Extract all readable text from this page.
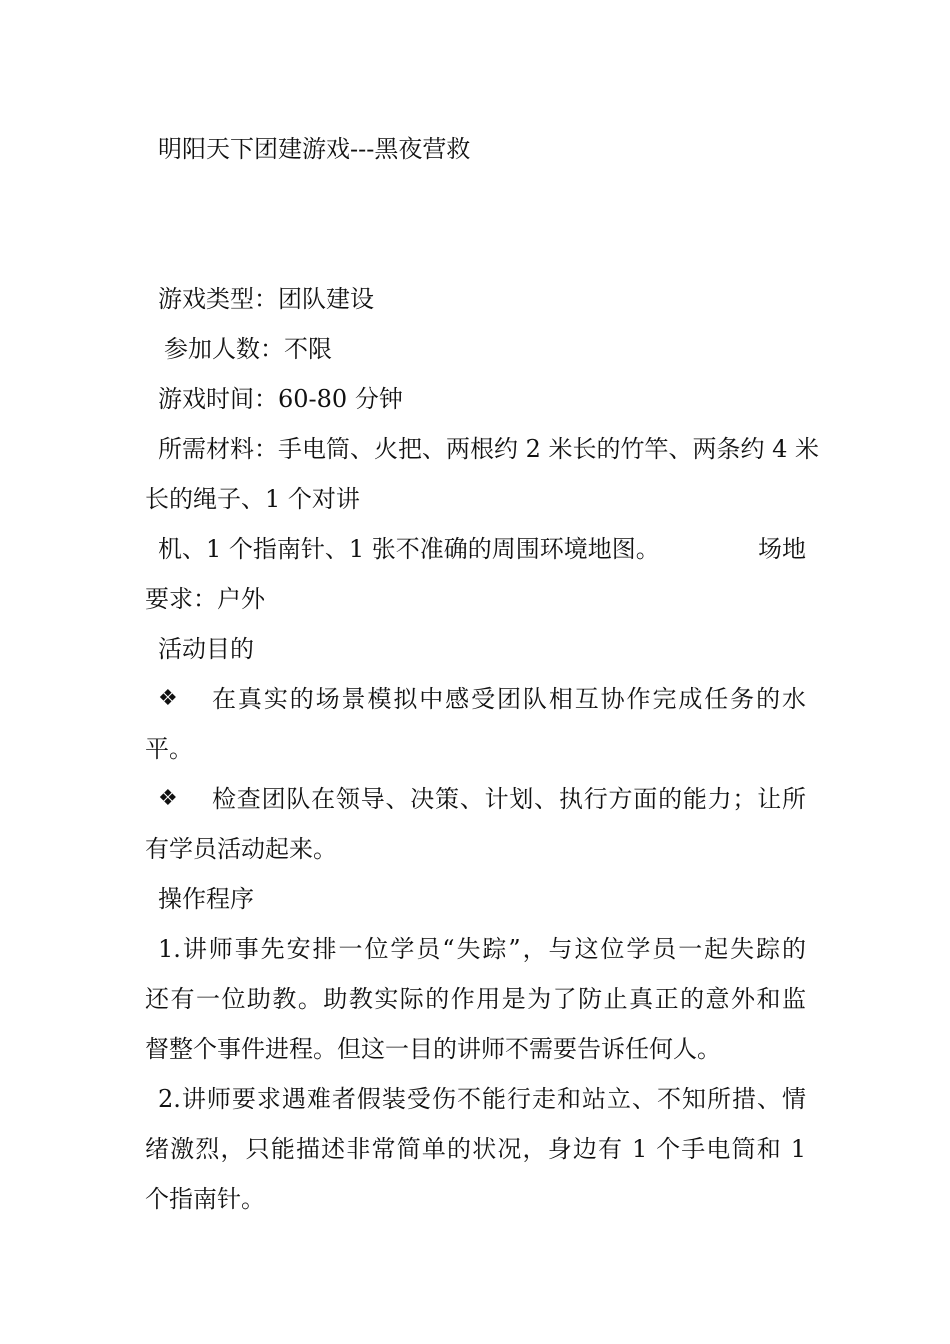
明阳天下团建游戏---黑夜营救
游戏类型：团队建设
参加人数：不限
游戏时间：60-80 分钟
所需材料：手电筒、火把、两根约 2 米长的竹竿、两条约 4 米
长的绳子、1 个对讲
机、1 个指南针、1 张不准确的周围环境地图。	场地
要求：户外
活动目的
❖ 在真实的场景模拟中感受团队相互协作完成任务的水
平。
❖ 检查团队在领导、决策、计划、执行方面的能力；让所
有学员活动起来。
操作程序
1.讲师事先安排一位学员“失踪”，与这位学员一起失踪的
还有一位助教。助教实际的作用是为了防止真正的意外和监
督整个事件进程。但这一目的讲师不需要告诉任何人。
2.讲师要求遇难者假装受伤不能行走和站立、不知所措、情
绪激烈，只能描述非常简单的状况，身边有 1 个手电筒和 1
个指南针。
